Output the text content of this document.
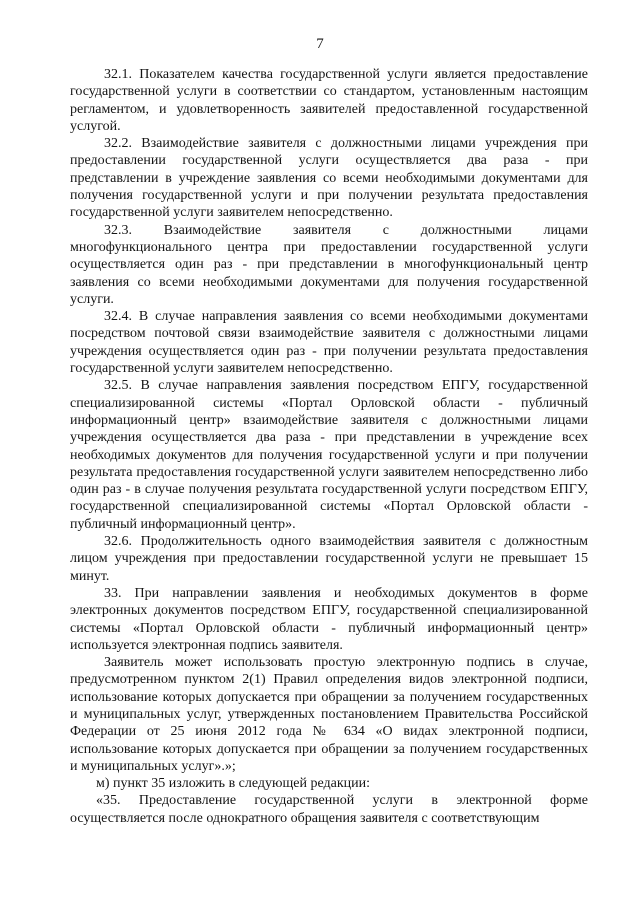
7

32.1. Показателем качества государственной услуги является предоставление государственной услуги в соответствии со стандартом, установленным настоящим регламентом, и удовлетворенность заявителей предоставленной государственной услугой.

32.2. Взаимодействие заявителя с должностными лицами учреждения при предоставлении государственной услуги осуществляется два раза - при представлении в учреждение заявления со всеми необходимыми документами для получения государственной услуги и при получении результата предоставления государственной услуги заявителем непосредственно.

32.3. Взаимодействие заявителя с должностными лицами многофункционального центра при предоставлении государственной услуги осуществляется один раз - при представлении в многофункциональный центр заявления со всеми необходимыми документами для получения государственной услуги.

32.4. В случае направления заявления со всеми необходимыми документами посредством почтовой связи взаимодействие заявителя с должностными лицами учреждения осуществляется один раз - при получении результата предоставления государственной услуги заявителем непосредственно.

32.5. В случае направления заявления посредством ЕПГУ, государственной специализированной системы «Портал Орловской области - публичный информационный центр» взаимодействие заявителя с должностными лицами учреждения осуществляется два раза - при представлении в учреждение всех необходимых документов для получения государственной услуги и при получении результата предоставления государственной услуги заявителем непосредственно либо один раз - в случае получения результата государственной услуги посредством ЕПГУ, государственной специализированной системы «Портал Орловской области - публичный информационный центр».

32.6. Продолжительность одного взаимодействия заявителя с должностным лицом учреждения при предоставлении государственной услуги не превышает 15 минут.

33. При направлении заявления и необходимых документов в форме электронных документов посредством ЕПГУ, государственной специализированной системы «Портал Орловской области - публичный информационный центр» используется электронная подпись заявителя.

Заявитель может использовать простую электронную подпись в случае, предусмотренном пунктом 2(1) Правил определения видов электронной подписи, использование которых допускается при обращении за получением государственных и муниципальных услуг, утвержденных постановлением Правительства Российской Федерации от 25 июня 2012 года № 634 «О видах электронной подписи, использование которых допускается при обращении за получением государственных и муниципальных услуг».»;

м) пункт 35 изложить в следующей редакции:

«35. Предоставление государственной услуги в электронной форме осуществляется после однократного обращения заявителя с соответствующим
